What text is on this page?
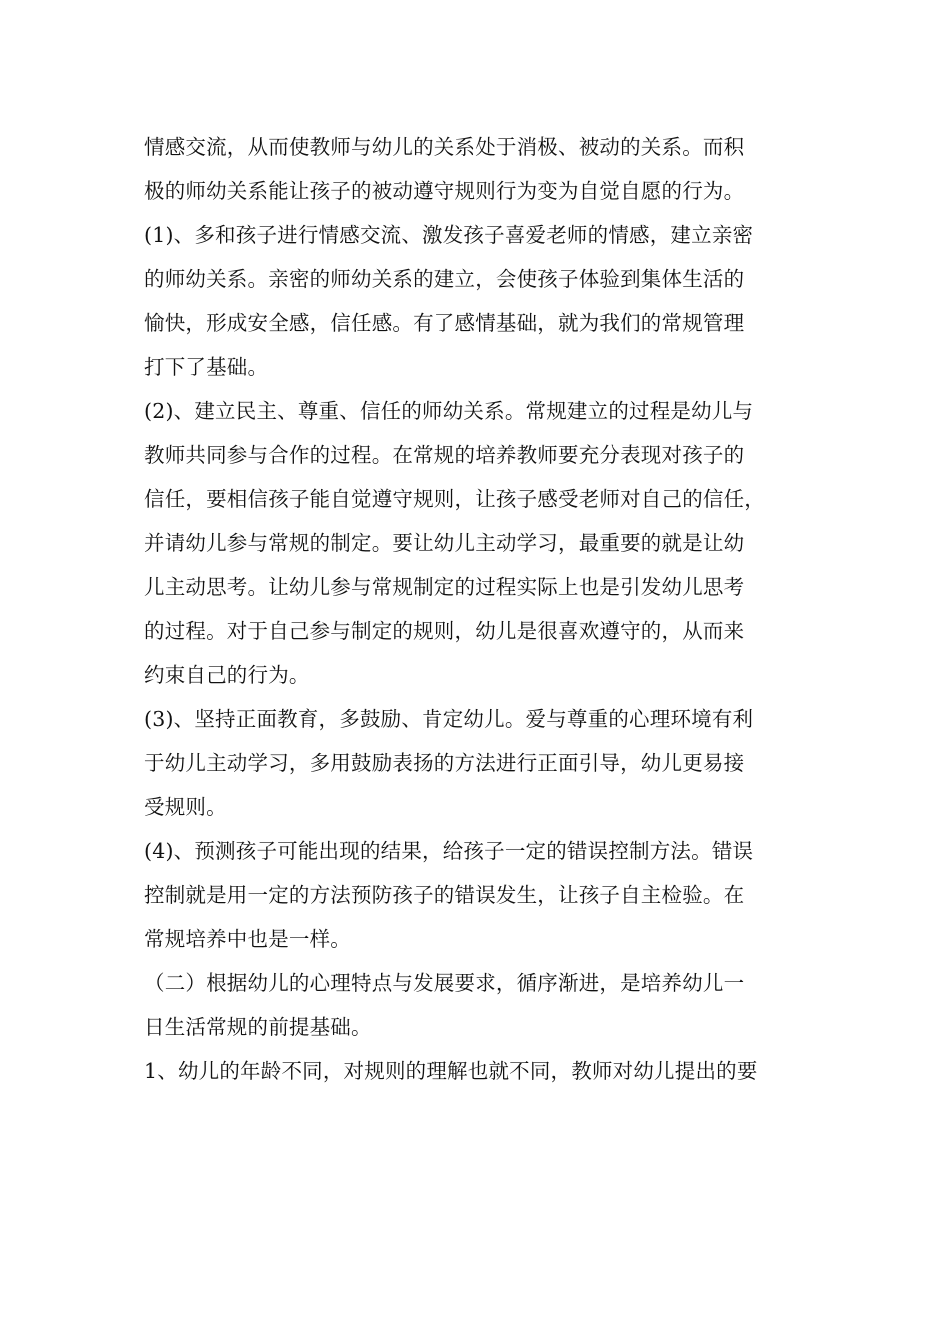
情感交流，从而使教师与幼儿的关系处于消极、被动的关系。而积
极的师幼关系能让孩子的被动遵守规则行为变为自觉自愿的行为。
(1)、多和孩子进行情感交流、激发孩子喜爱老师的情感，建立亲密
的师幼关系。亲密的师幼关系的建立，会使孩子体验到集体生活的
愉快，形成安全感，信任感。有了感情基础，就为我们的常规管理
打下了基础。
(2)、建立民主、尊重、信任的师幼关系。常规建立的过程是幼儿与
教师共同参与合作的过程。在常规的培养教师要充分表现对孩子的
信任，要相信孩子能自觉遵守规则，让孩子感受老师对自己的信任，
并请幼儿参与常规的制定。要让幼儿主动学习，最重要的就是让幼
儿主动思考。让幼儿参与常规制定的过程实际上也是引发幼儿思考
的过程。对于自己参与制定的规则，幼儿是很喜欢遵守的，从而来
约束自己的行为。
(3)、坚持正面教育，多鼓励、肯定幼儿。爱与尊重的心理环境有利
于幼儿主动学习，多用鼓励表扬的方法进行正面引导，幼儿更易接
受规则。
(4)、预测孩子可能出现的结果，给孩子一定的错误控制方法。错误
控制就是用一定的方法预防孩子的错误发生，让孩子自主检验。在
常规培养中也是一样。
（二）根据幼儿的心理特点与发展要求，循序渐进，是培养幼儿一
日生活常规的前提基础。
1、幼儿的年龄不同，对规则的理解也就不同，教师对幼儿提出的要
